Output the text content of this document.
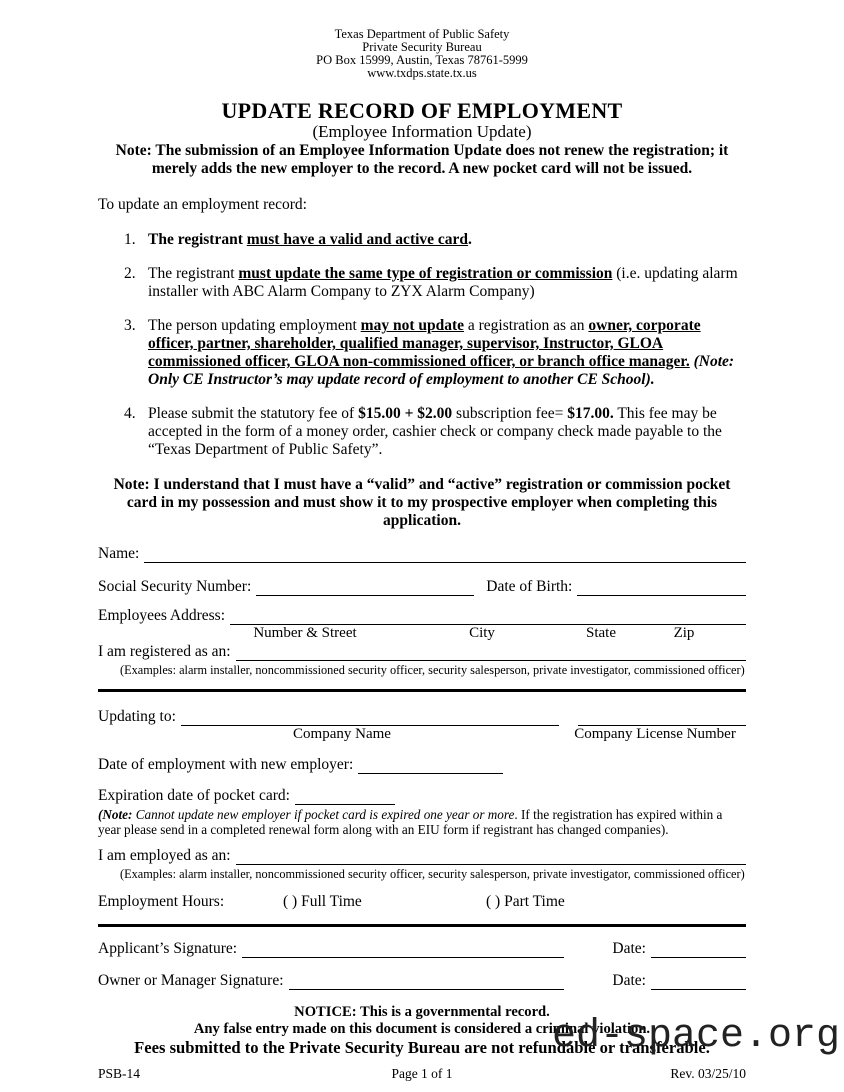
Texas Department of Public Safety
Private Security Bureau
PO Box 15999, Austin, Texas 78761-5999
www.txdps.state.tx.us
UPDATE RECORD OF EMPLOYMENT
(Employee Information Update)
Note: The submission of an Employee Information Update does not renew the registration; it merely adds the new employer to the record. A new pocket card will not be issued.
To update an employment record:
1. The registrant must have a valid and active card.
2. The registrant must update the same type of registration or commission (i.e. updating alarm installer with ABC Alarm Company to ZYX Alarm Company)
3. The person updating employment may not update a registration as an owner, corporate officer, partner, shareholder, qualified manager, supervisor, Instructor, GLOA commissioned officer, GLOA non-commissioned officer, or branch office manager. (Note: Only CE Instructor’s may update record of employment to another CE School).
4. Please submit the statutory fee of $15.00 + $2.00 subscription fee= $17.00. This fee may be accepted in the form of a money order, cashier check or company check made payable to the “Texas Department of Public Safety”.
Note: I understand that I must have a “valid” and “active” registration or commission pocket card in my possession and must show it to my prospective employer when completing this application.
Name:
Social Security Number:	Date of Birth:
Employees Address:
Number & Street	City	State	Zip
I am registered as an:
(Examples: alarm installer, noncommissioned security officer, security salesperson, private investigator, commissioned officer)
Updating to:
Company Name	Company License Number
Date of employment with new employer:
Expiration date of pocket card:
(Note: Cannot update new employer if pocket card is expired one year or more. If the registration has expired within a year please send in a completed renewal form along with an EIU form if registrant has changed companies).
I am employed as an:
(Examples: alarm installer, noncommissioned security officer, security salesperson, private investigator, commissioned officer)
Employment Hours:	( ) Full Time	( ) Part Time
Applicant’s Signature:	Date:
Owner or Manager Signature:	Date:
NOTICE: This is a governmental record.
Any false entry made on this document is considered a criminal violation.
Fees submitted to the Private Security Bureau are not refundable or transferable.
PSB-14	Page 1 of 1	Rev. 03/25/10
ed-space.org
